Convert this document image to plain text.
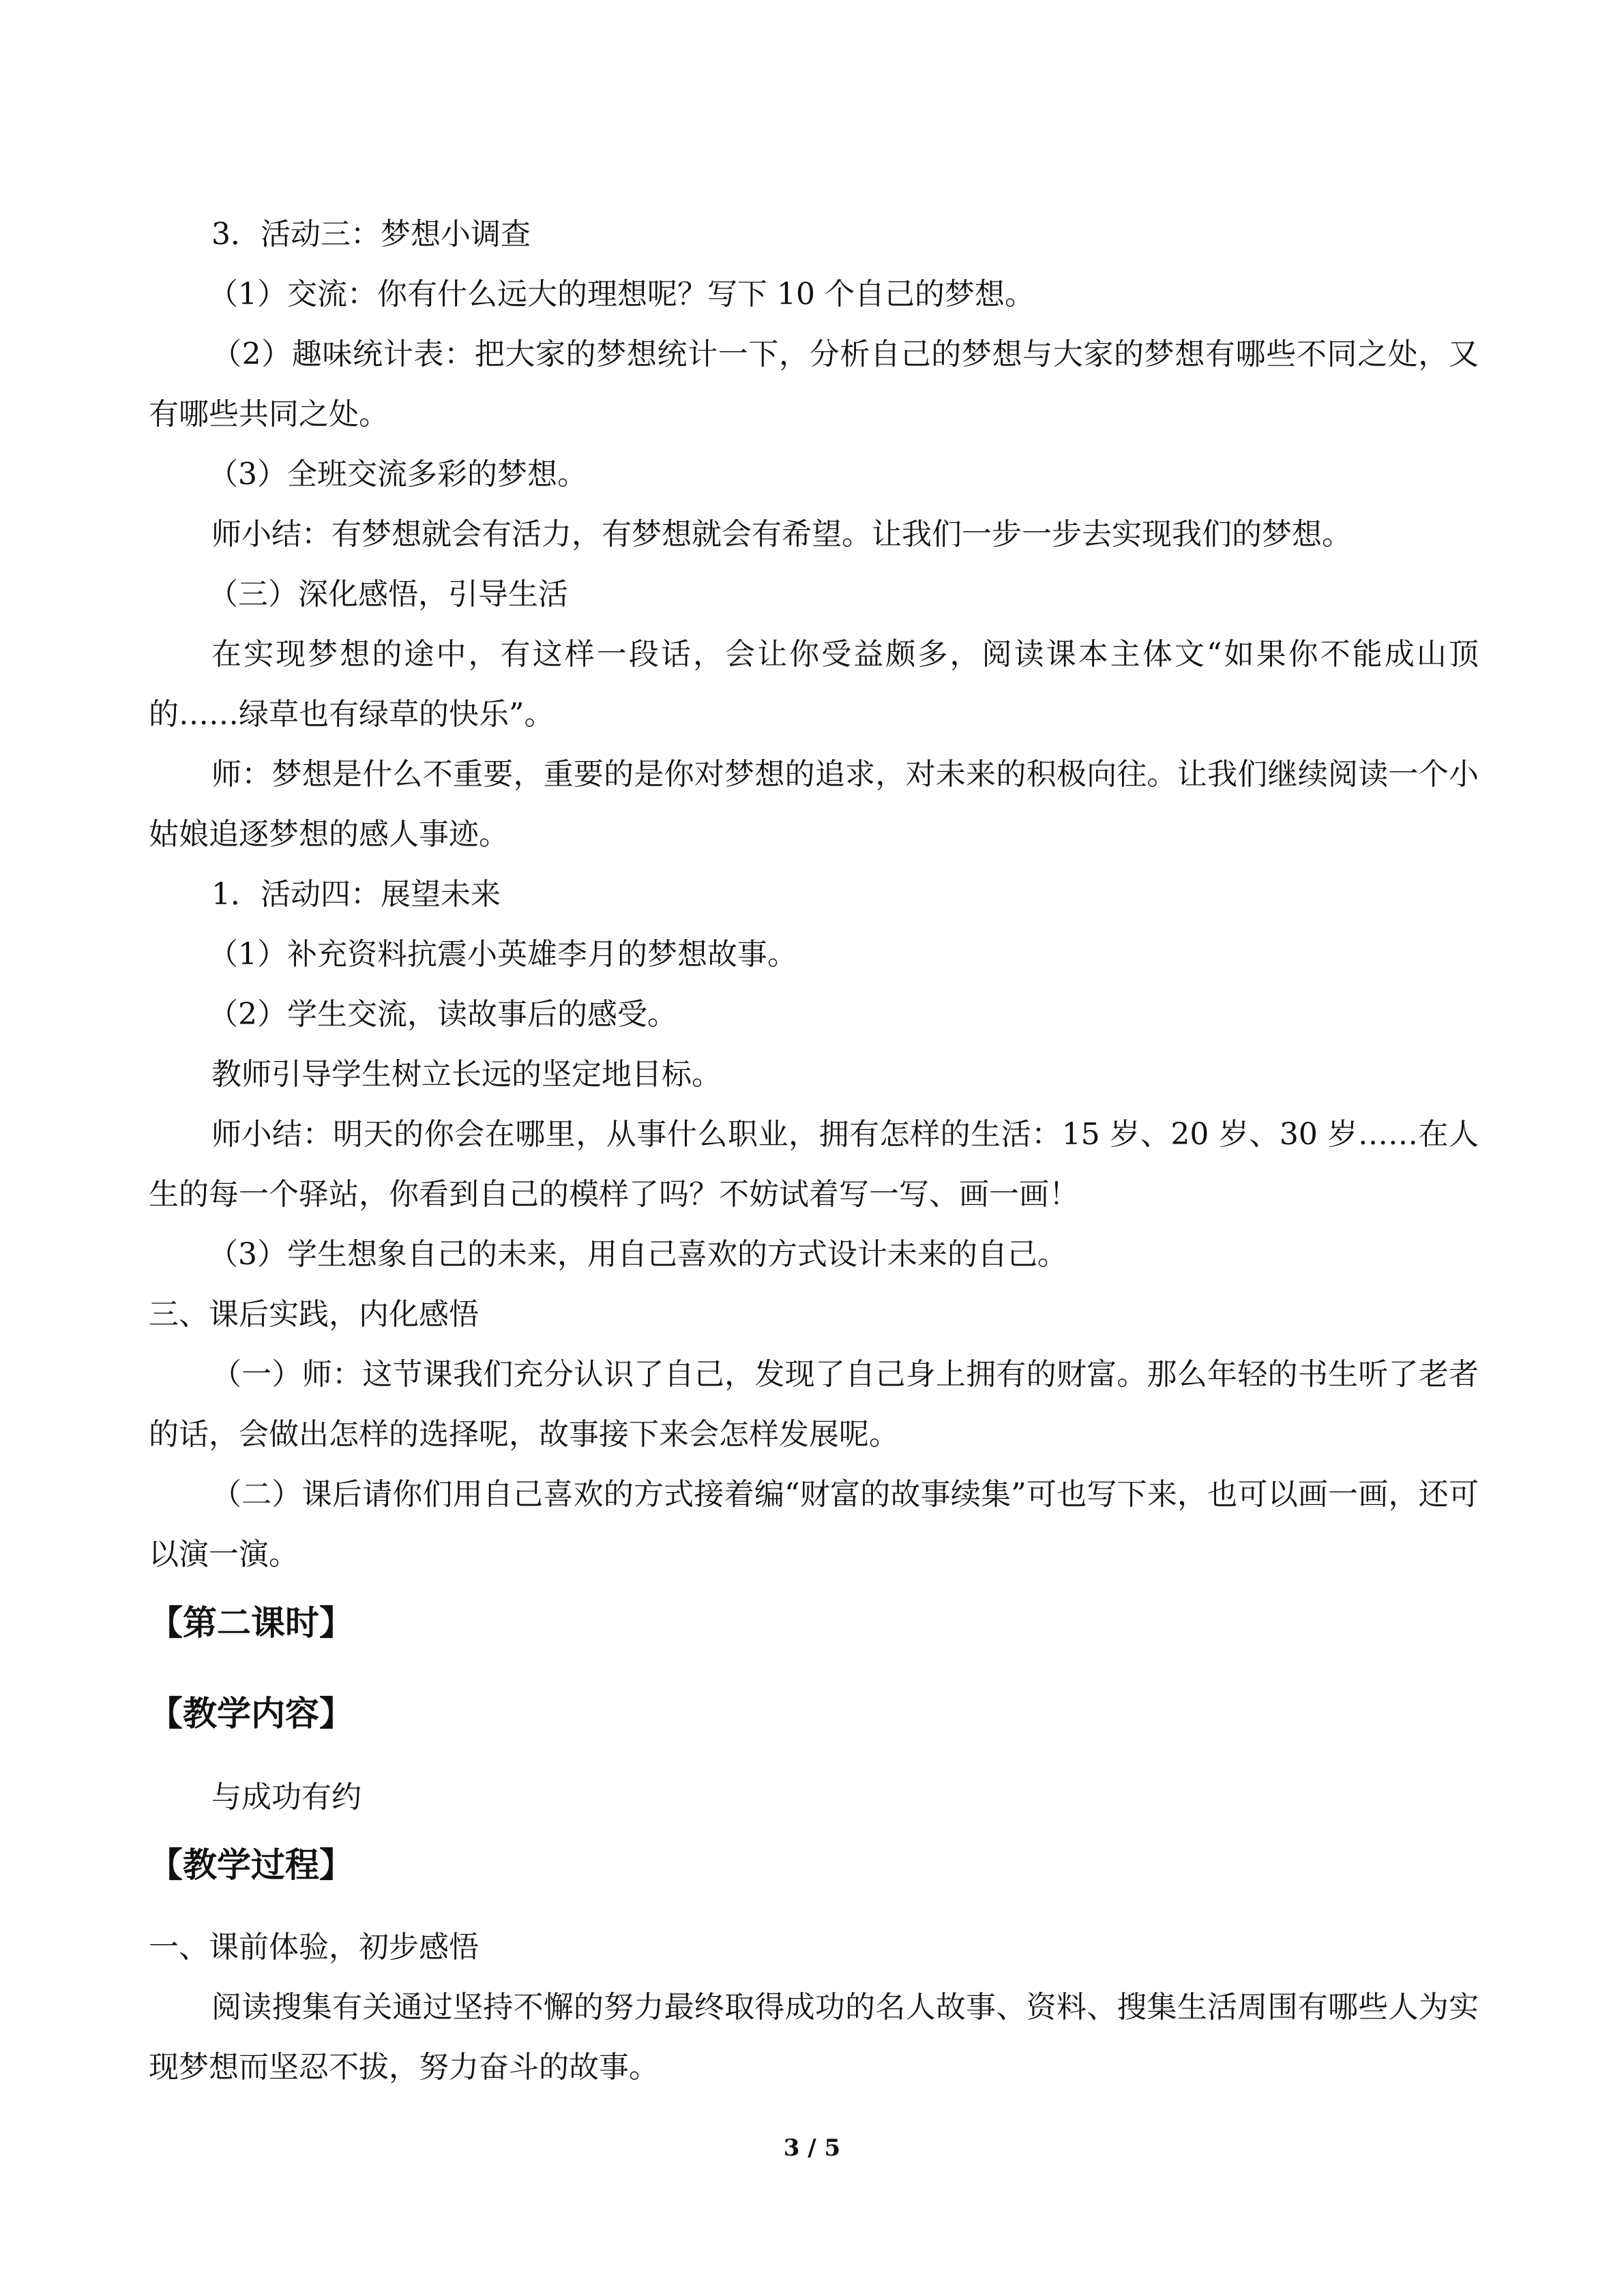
3．活动三：梦想小调查
（1）交流：你有什么远大的理想呢？写下 10 个自己的梦想。
（2）趣味统计表：把大家的梦想统计一下，分析自己的梦想与大家的梦想有哪些不同之处，又有哪些共同之处。
（3）全班交流多彩的梦想。
师小结：有梦想就会有活力，有梦想就会有希望。让我们一步一步去实现我们的梦想。
（三）深化感悟，引导生活
在实现梦想的途中，有这样一段话，会让你受益颇多，阅读课本主体文“如果你不能成山顶的……绿草也有绿草的快乐”。
师：梦想是什么不重要，重要的是你对梦想的追求，对未来的积极向往。让我们继续阅读一个小姑娘追逐梦想的感人事迹。
1．活动四：展望未来
（1）补充资料抗震小英雄李月的梦想故事。
（2）学生交流，读故事后的感受。
教师引导学生树立长远的坚定地目标。
师小结：明天的你会在哪里，从事什么职业，拥有怎样的生活：15 岁、20 岁、30 岁……在人生的每一个驿站，你看到自己的模样了吗？不妨试着写一写、画一画！
（3）学生想象自己的未来，用自己喜欢的方式设计未来的自己。
三、课后实践，内化感悟
（一）师：这节课我们充分认识了自己，发现了自己身上拥有的财富。那么年轻的书生听了老者的话，会做出怎样的选择呢，故事接下来会怎样发展呢。
（二）课后请你们用自己喜欢的方式接着编“财富的故事续集”可也写下来，也可以画一画，还可以演一演。
【第二课时】
【教学内容】
与成功有约
【教学过程】
一、课前体验，初步感悟
阅读搜集有关通过坚持不懈的努力最终取得成功的名人故事、资料、搜集生活周围有哪些人为实现梦想而坚忍不拔，努力奋斗的故事。
3 / 5
